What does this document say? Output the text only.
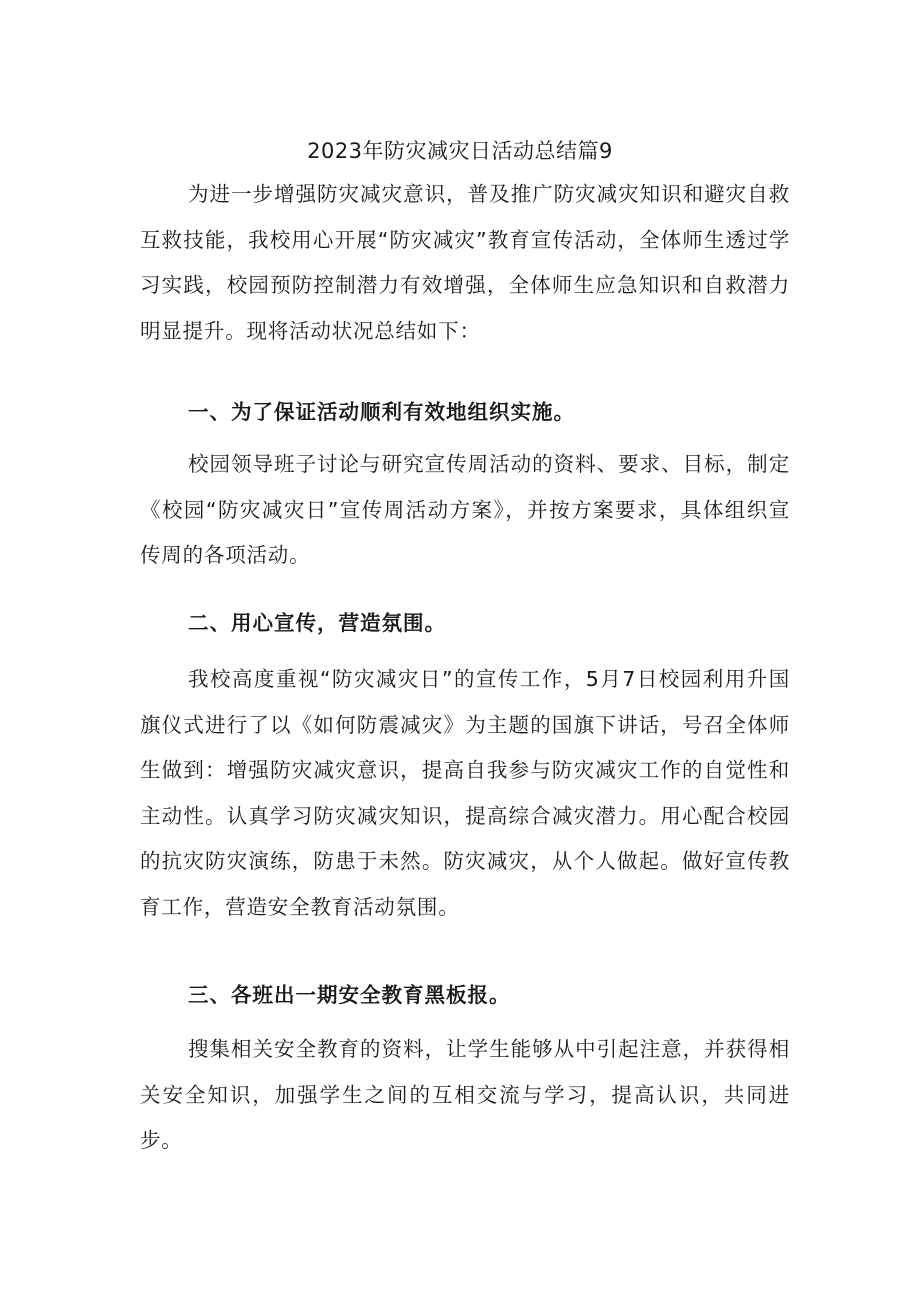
2023年防灾减灾日活动总结篇9

为进一步增强防灾减灾意识，普及推广防灾减灾知识和避灾自救互救技能，我校用心开展“防灾减灾”教育宣传活动，全体师生透过学习实践，校园预防控制潜力有效增强，全体师生应急知识和自救潜力明显提升。现将活动状况总结如下：

一、为了保证活动顺利有效地组织实施。

校园领导班子讨论与研究宣传周活动的资料、要求、目标，制定《校园“防灾减灾日”宣传周活动方案》，并按方案要求，具体组织宣传周的各项活动。

二、用心宣传，营造氛围。

我校高度重视“防灾减灾日”的宣传工作，5月7日校园利用升国旗仪式进行了以《如何防震减灾》为主题的国旗下讲话，号召全体师生做到：增强防灾减灾意识，提高自我参与防灾减灾工作的自觉性和主动性。认真学习防灾减灾知识，提高综合减灾潜力。用心配合校园的抗灾防灾演练，防患于未然。防灾减灾，从个人做起。做好宣传教育工作，营造安全教育活动氛围。

三、各班出一期安全教育黑板报。

搜集相关安全教育的资料，让学生能够从中引起注意，并获得相关安全知识，加强学生之间的互相交流与学习，提高认识，共同进步。
